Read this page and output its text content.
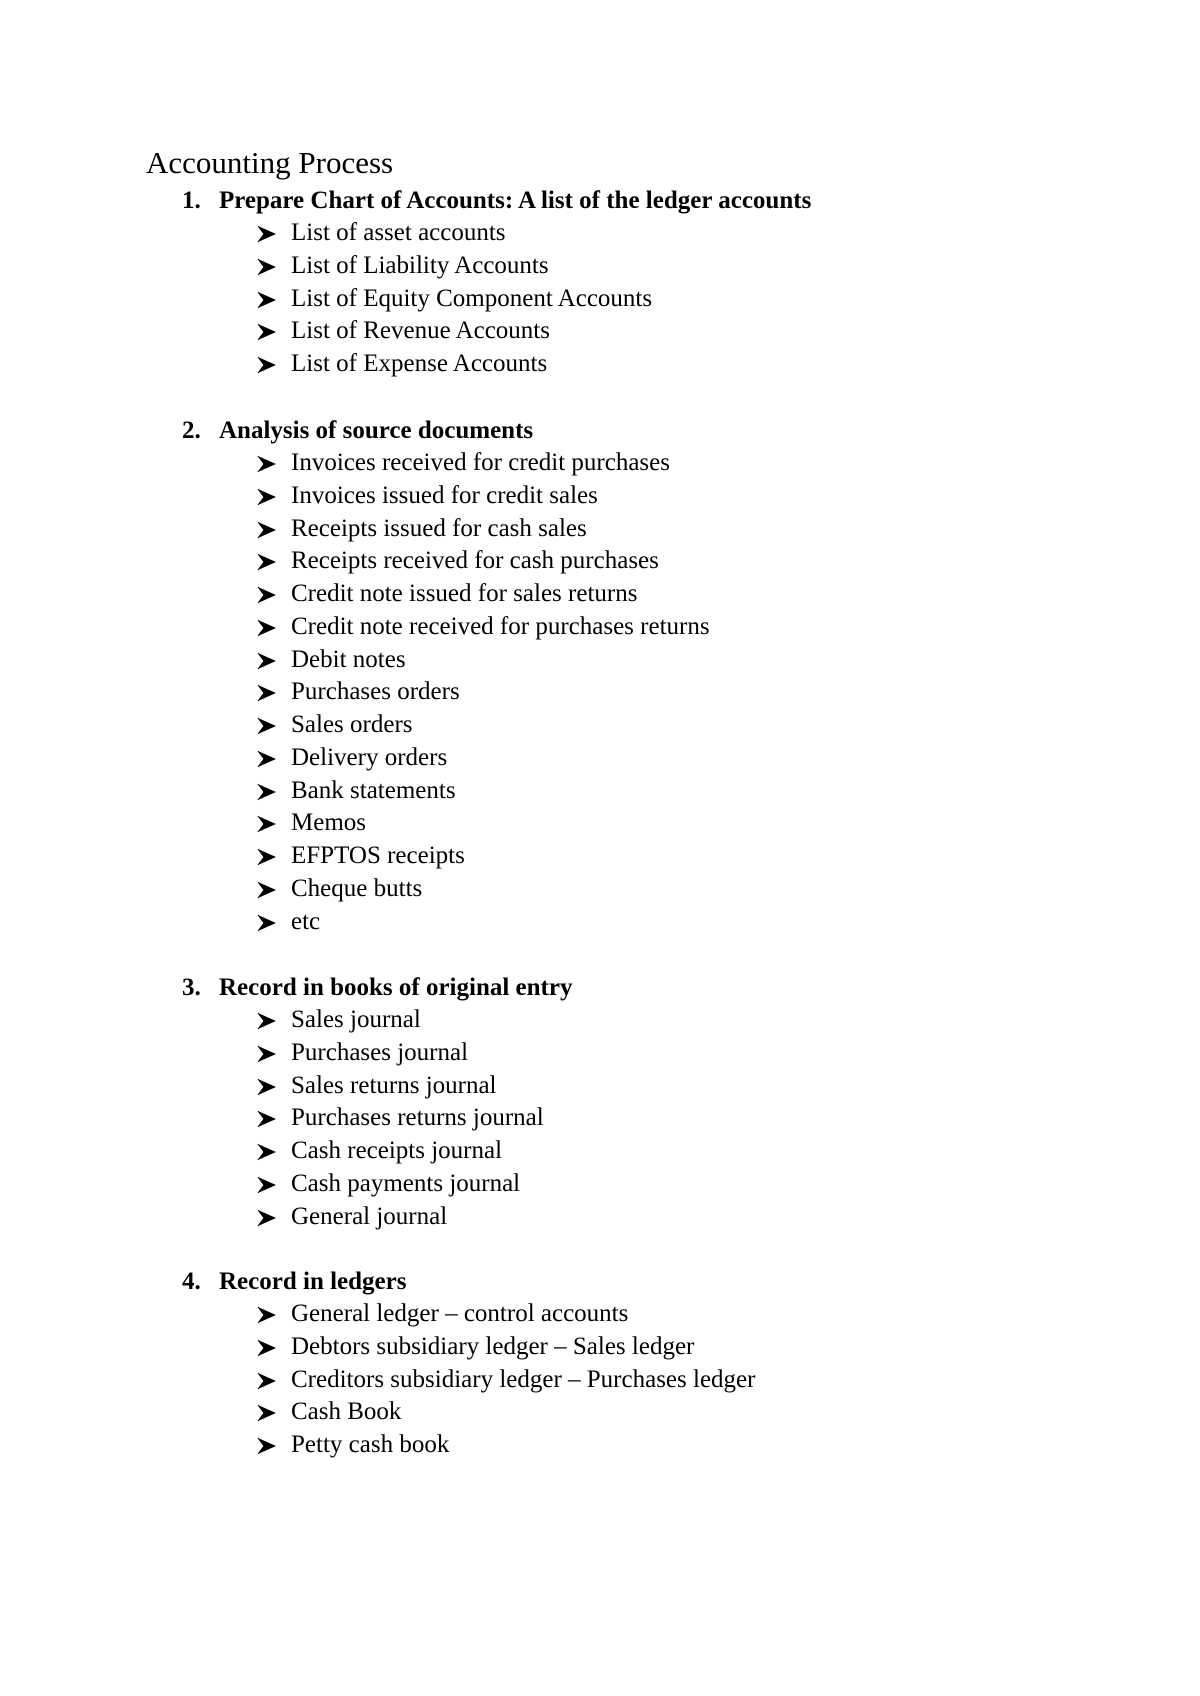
Accounting Process
1. Prepare Chart of Accounts: A list of the ledger accounts
List of asset accounts
List of Liability Accounts
List of Equity Component Accounts
List of Revenue Accounts
List of Expense Accounts
2. Analysis of source documents
Invoices received for credit purchases
Invoices issued for credit sales
Receipts issued for cash sales
Receipts received for cash purchases
Credit note issued for sales returns
Credit note received for purchases returns
Debit notes
Purchases orders
Sales orders
Delivery orders
Bank statements
Memos
EFPTOS receipts
Cheque butts
etc
3. Record in books of original entry
Sales journal
Purchases journal
Sales returns journal
Purchases returns journal
Cash receipts journal
Cash payments journal
General journal
4. Record in ledgers
General ledger – control accounts
Debtors subsidiary ledger – Sales ledger
Creditors subsidiary ledger – Purchases ledger
Cash Book
Petty cash book
